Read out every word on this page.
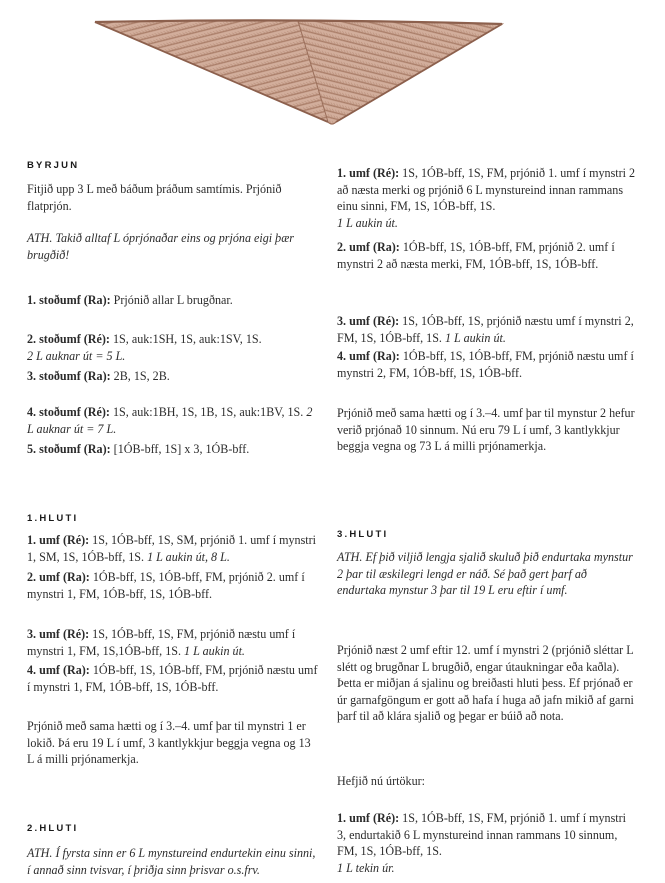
BYRJUN

Fitjið upp 3 L með báðum þráðum samtímis. Prjónið flatprjón.

ATH. Takið alltaf L óprjónaðar eins og prjóna eigi þær brugðið!

1. stoðumf (Ra): Prjónið allar L brugðnar.

2. stoðumf (Ré): 1S, auk:1SH, 1S, auk:1SV, 1S.
2 L auknar út = 5 L.

3. stoðumf (Ra): 2B, 1S, 2B.

4. stoðumf (Ré): 1S, auk:1BH, 1S, 1B, 1S, auk:1BV, 1S. 2 L auknar út = 7 L.

5. stoðumf (Ra): [1ÓB-bff, 1S] x 3, 1ÓB-bff.

1.HLUTI

1. umf (Ré): 1S, 1ÓB-bff, 1S, SM, prjónið 1. umf í mynstri 1, SM, 1S, 1ÓB-bff, 1S. 1 L aukin út, 8 L.

2. umf (Ra): 1ÓB-bff, 1S, 1ÓB-bff, FM, prjónið 2. umf í mynstri 1, FM, 1ÓB-bff, 1S, 1ÓB-bff.

3. umf (Ré): 1S, 1ÓB-bff, 1S, FM, prjónið næstu umf í mynstri 1, FM, 1S,1ÓB-bff, 1S. 1 L aukin út.

4. umf (Ra): 1ÓB-bff, 1S, 1ÓB-bff, FM, prjónið næstu umf í mynstri 1, FM, 1ÓB-bff, 1S, 1ÓB-bff.

Prjónið með sama hætti og í 3.–4. umf þar til mynstri 1 er lokið. Þá eru 19 L í umf, 3 kantlykkjur beggja vegna og 13 L á milli prjónamerkja.

2.HLUTI

ATH. Í fyrsta sinn er 6 L mynstureind endurtekin einu sinni, í annað sinn tvisvar, í þriðja sinn þrisvar o.s.frv.

1. umf (Ré): 1S, 1ÓB-bff, 1S, FM, prjónið 1. umf í mynstri 2 að næsta merki og prjónið 6 L mynstureind innan rammans einu sinni, FM, 1S, 1ÓB-bff, 1S.
1 L aukin út.

2. umf (Ra): 1ÓB-bff, 1S, 1ÓB-bff, FM, prjónið 2. umf í mynstri 2 að næsta merki, FM, 1ÓB-bff, 1S, 1ÓB-bff.

3. umf (Ré): 1S, 1ÓB-bff, 1S, prjónið næstu umf í mynstri 2, FM, 1S, 1ÓB-bff, 1S. 1 L aukin út.

4. umf (Ra): 1ÓB-bff, 1S, 1ÓB-bff, FM, prjónið næstu umf í mynstri 2, FM, 1ÓB-bff, 1S, 1ÓB-bff.

Prjónið með sama hætti og í 3.–4. umf þar til mynstur 2 hefur verið prjónað 10 sinnum. Nú eru 79 L í umf, 3 kantlykkjur beggja vegna og 73 L á milli prjónamerkja.

3.HLUTI

ATH. Ef þið viljið lengja sjalið skuluð þið endurtaka mynstur 2 þar til æskilegri lengd er náð. Sé það gert þarf að endurtaka mynstur 3 þar til 19 L eru eftir í umf.

Prjónið næst 2 umf eftir 12. umf í mynstri 2 (prjónið sléttar L slétt og brugðnar L brugðið, engar útaukningar eða kaðla). Þetta er miðjan á sjalinu og breiðasti hluti þess. Ef prjónað er úr garnafgöngum er gott að hafa í huga að jafn mikið af garni þarf til að klára sjalið og þegar er búið að nota.

Hefjið nú úrtökur:

1. umf (Ré): 1S, 1ÓB-bff, 1S, FM, prjónið 1. umf í mynstri 3, endurtakið 6 L mynstureind innan rammans 10 sinnum, FM, 1S, 1ÓB-bff, 1S.
1 L tekin úr.
